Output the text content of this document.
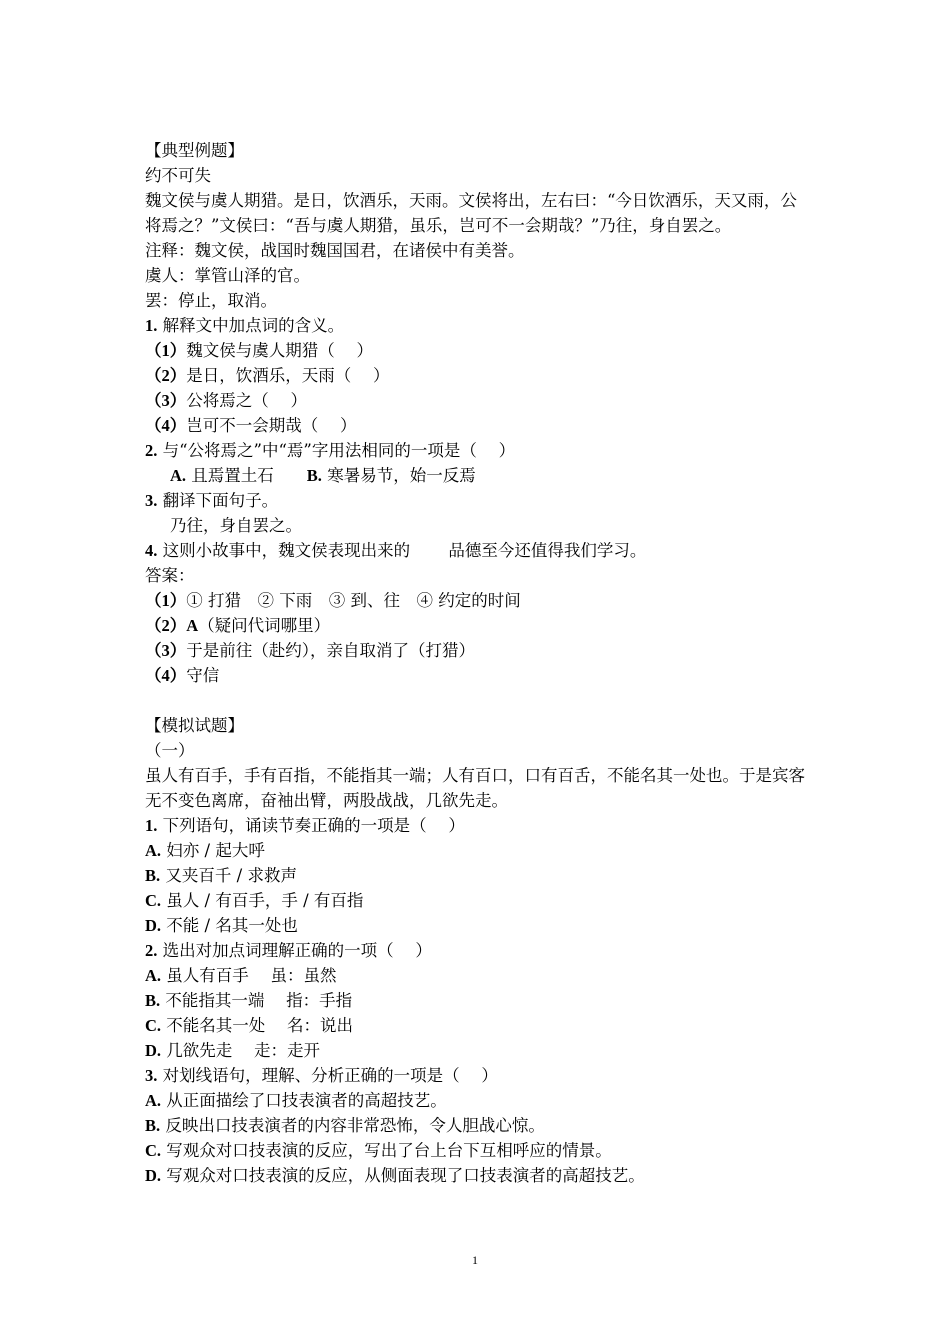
【典型例题】
约不可失
魏文侯与虞人期猎。是日，饮酒乐，天雨。文侯将出，左右曰：“今日饮酒乐，天又雨，公将焉之？”文侯曰：“吾与虞人期猎，虽乐，岂可不一会期哉？”乃往，身自罢之。
注释：魏文侯，战国时魏国国君，在诸侯中有美誉。
虞人：掌管山泽的官。
罢：停止，取消。
1. 解释文中加点词的含义。
（1）魏文侯与虞人期猎（　 ）
（2）是日，饮酒乐，天雨（　 ）
（3）公将焉之（　 ）
（4）岂可不一会期哉（　 ）
2. 与“公将焉之”中“焉”字用法相同的一项是（　 ）
A. 且焉置土石　　 B. 寒暑易节，始一反焉
3. 翻译下面句子。
乃往，身自罢之。
4. 这则小故事中，魏文侯表现出来的　　 品德至今还值得我们学习。
答案：
（1）① 打猎　② 下雨　③ 到、往　④ 约定的时间
（2）A（疑问代词哪里）
（3）于是前往（赴约），亲自取消了（打猎）
（4）守信
【模拟试题】
（一）
虽人有百手，手有百指，不能指其一端；人有百口，口有百舌，不能名其一处也。于是宾客无不变色离席，奋袖出臂，两股战战，几欲先走。
1. 下列语句，诵读节奏正确的一项是（　 ）
A. 妇亦 / 起大呼
B. 又夹百千 / 求救声
C. 虽人 / 有百手，手 / 有百指
D. 不能 / 名其一处也
2. 选出对加点词理解正确的一项（　 ）
A. 虽人有百手　 虽：虽然
B. 不能指其一端　 指：手指
C. 不能名其一处　 名：说出
D. 几欲先走　 走：走开
3. 对划线语句，理解、分析正确的一项是（　 ）
A. 从正面描绘了口技表演者的高超技艺。
B. 反映出口技表演者的内容非常恐怖，令人胆战心惊。
C. 写观众对口技表演的反应，写出了台上台下互相呼应的情景。
D. 写观众对口技表演的反应，从侧面表现了口技表演者的高超技艺。
1
